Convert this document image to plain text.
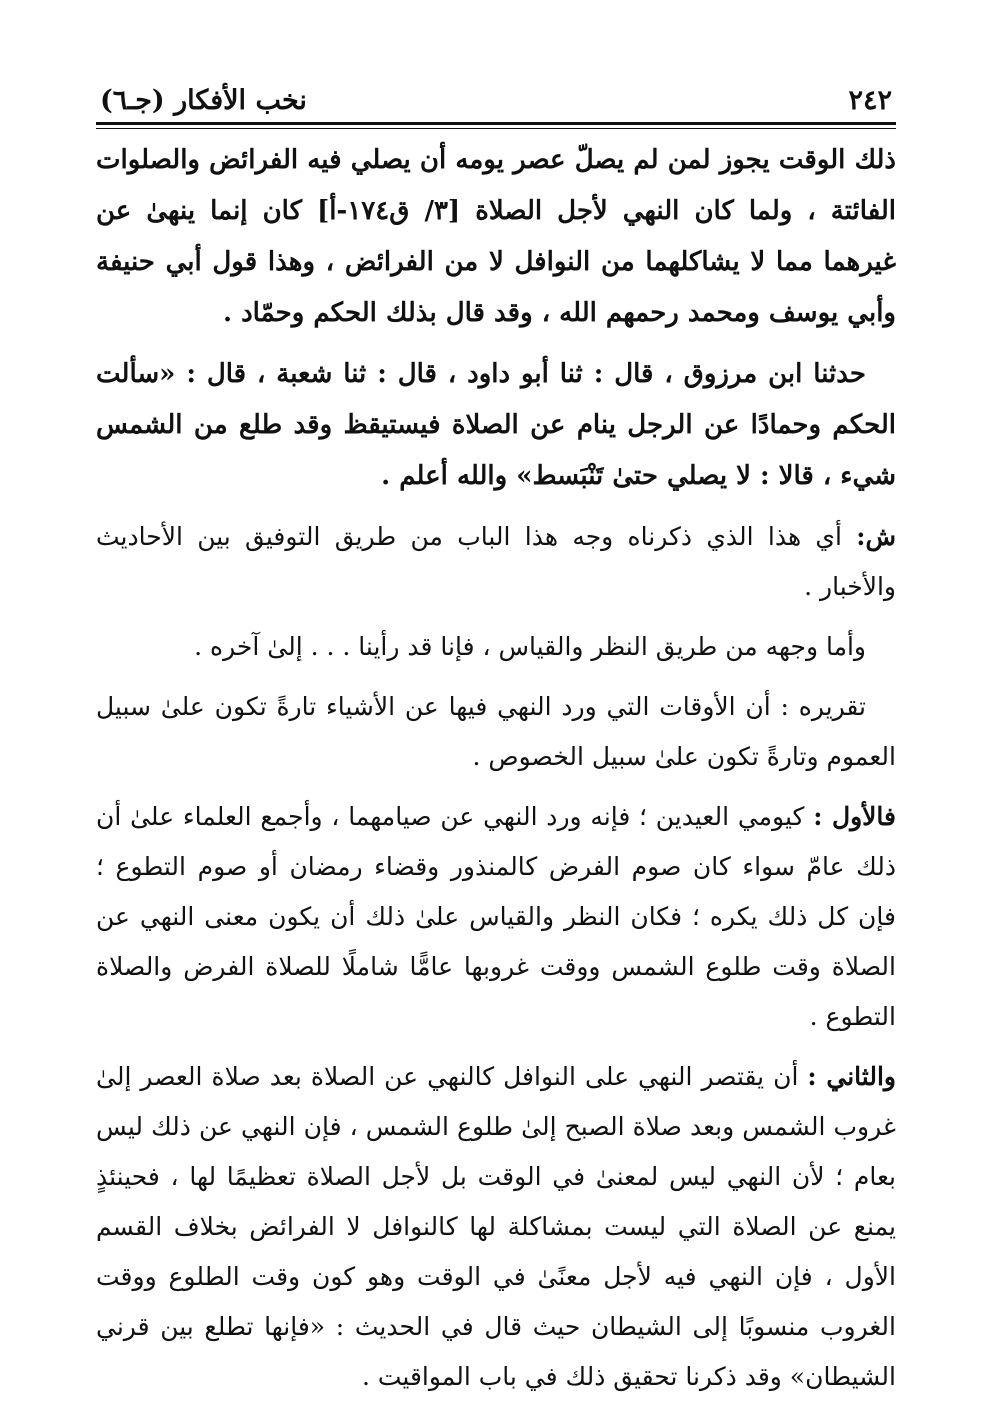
٢٤٢
نخب الأفكار (جـ٦)

ذلك الوقت يجوز لمن لم يصلّ عصر يومه أن يصلي فيه الفرائض والصلوات الفائتة ، ولما كان النهي لأجل الصلاة [٣/ ق١٧٤-أ] كان إنما ينهىٰ عن غيرهما مما لا يشاكلهما من النوافل لا من الفرائض ، وهذا قول أبي حنيفة وأبي يوسف ومحمد رحمهم الله ، وقد قال بذلك الحكم وحمّاد .

حدثنا ابن مرزوق ، قال : ثنا أبو داود ، قال : ثنا شعبة ، قال : «سألت الحكم وحمادًا عن الرجل ينام عن الصلاة فيستيقظ وقد طلع من الشمس شيء ، قالا : لا يصلي حتىٰ تَنْبَسط» والله أعلم .

ش: أي هذا الذي ذكرناه وجه هذا الباب من طريق التوفيق بين الأحاديث والأخبار .

وأما وجهه من طريق النظر والقياس ، فإنا قد رأينا . . . إلىٰ آخره .

تقريره : أن الأوقات التي ورد النهي فيها عن الأشياء تارةً تكون علىٰ سبيل العموم وتارةً تكون علىٰ سبيل الخصوص .

فالأول : كيومي العيدين ؛ فإنه ورد النهي عن صيامهما ، وأجمع العلماء علىٰ أن ذلك عامّ سواء كان صوم الفرض كالمنذور وقضاء رمضان أو صوم التطوع ؛ فإن كل ذلك يكره ؛ فكان النظر والقياس علىٰ ذلك أن يكون معنى النهي عن الصلاة وقت طلوع الشمس ووقت غروبها عامًّا شاملًا للصلاة الفرض والصلاة التطوع .

والثاني : أن يقتصر النهي على النوافل كالنهي عن الصلاة بعد صلاة العصر إلىٰ غروب الشمس وبعد صلاة الصبح إلىٰ طلوع الشمس ، فإن النهي عن ذلك ليس بعام ؛ لأن النهي ليس لمعنىٰ في الوقت بل لأجل الصلاة تعظيمًا لها ، فحينئذٍ يمنع عن الصلاة التي ليست بمشاكلة لها كالنوافل لا الفرائض بخلاف القسم الأول ، فإن النهي فيه لأجل معنًىٰ في الوقت وهو كون وقت الطلوع ووقت الغروب منسوبًا إلى الشيطان حيث قال في الحديث : «فإنها تطلع بين قرني الشيطان» وقد ذكرنا تحقيق ذلك في باب المواقيت .
